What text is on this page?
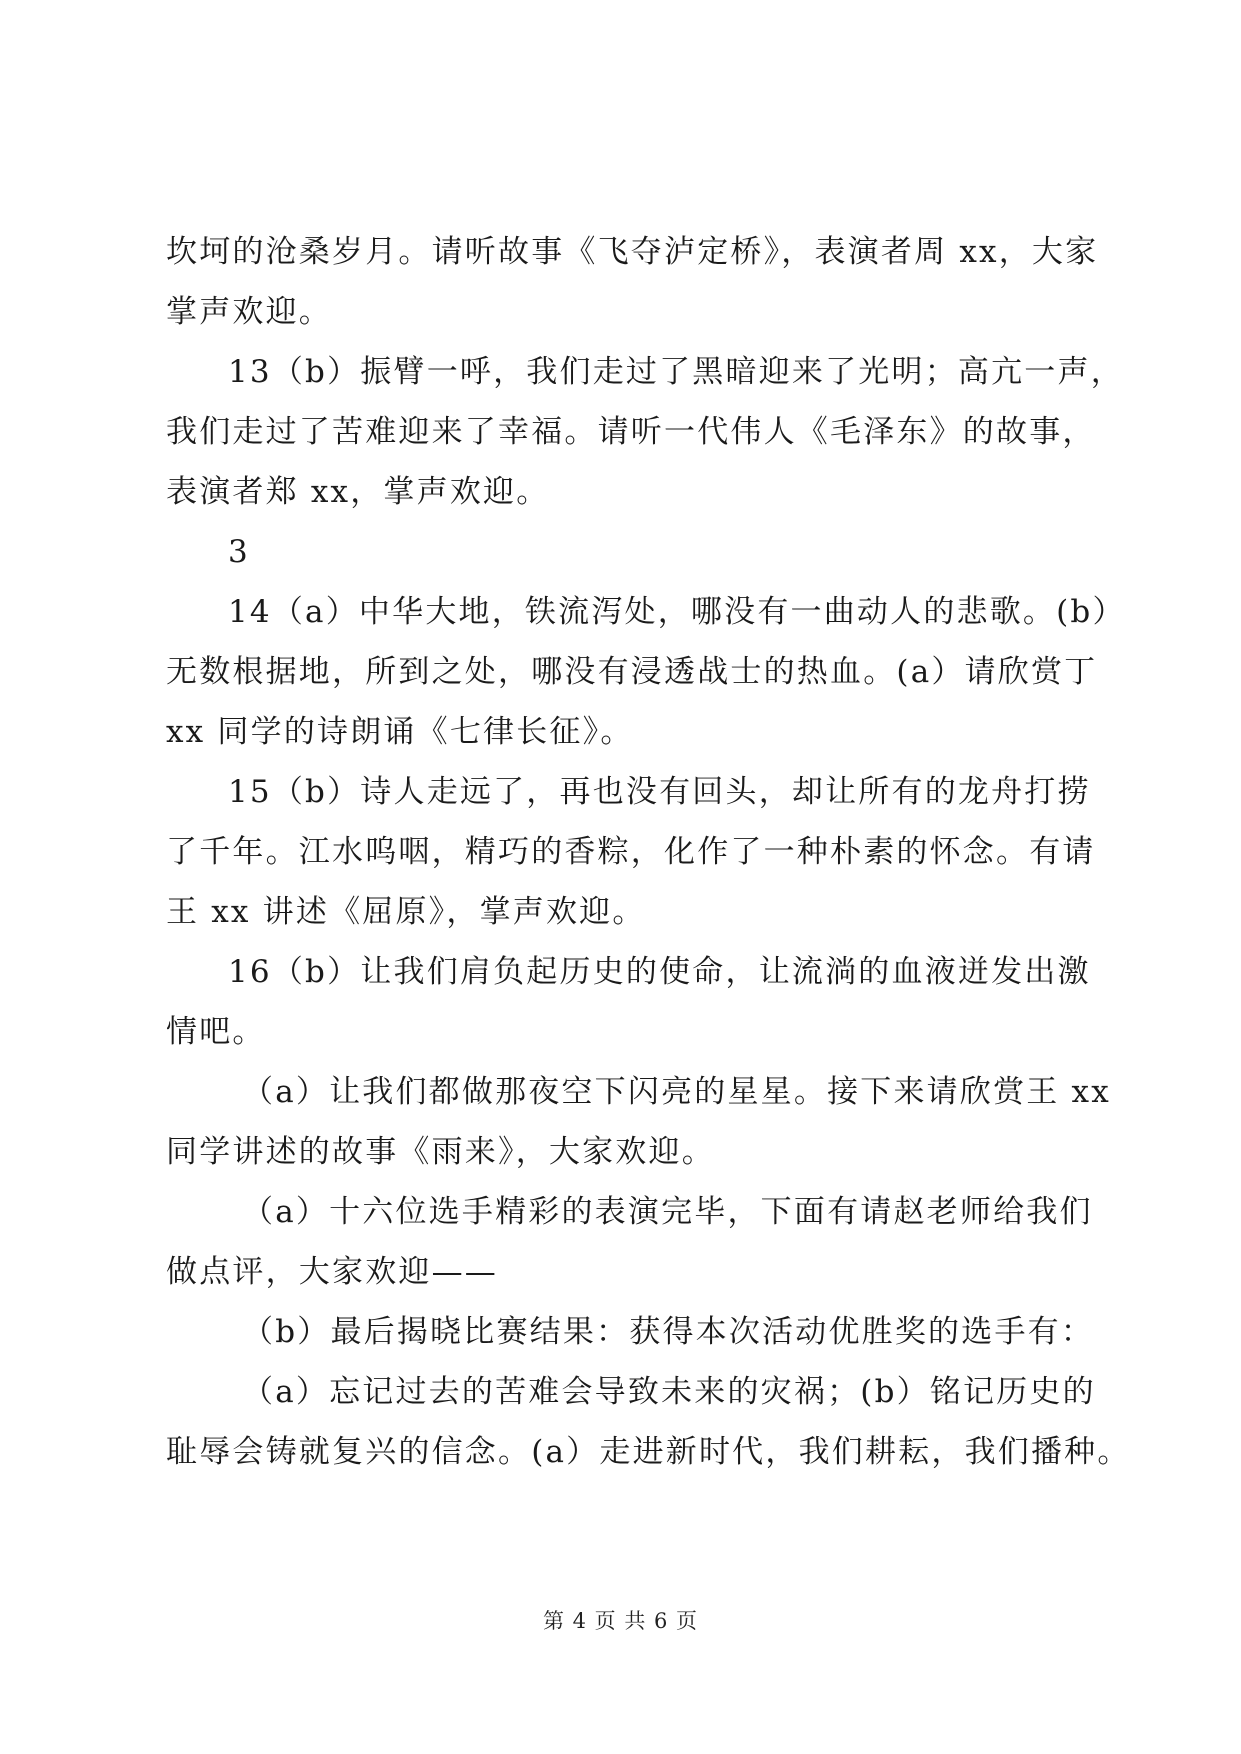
坎坷的沧桑岁月。请听故事《飞夺泸定桥》，表演者周 xx，大家
掌声欢迎。
13（b）振臂一呼，我们走过了黑暗迎来了光明；高亢一声，
我们走过了苦难迎来了幸福。请听一代伟人《毛泽东》的故事，
表演者郑 xx，掌声欢迎。
3
14（a）中华大地，铁流泻处，哪没有一曲动人的悲歌。(b）
无数根据地，所到之处，哪没有浸透战士的热血。(a）请欣赏丁
xx 同学的诗朗诵《七律长征》。
15（b）诗人走远了，再也没有回头，却让所有的龙舟打捞
了千年。江水呜咽，精巧的香粽，化作了一种朴素的怀念。有请
王 xx 讲述《屈原》，掌声欢迎。
16（b）让我们肩负起历史的使命，让流淌的血液迸发出激
情吧。
（a）让我们都做那夜空下闪亮的星星。接下来请欣赏王 xx
同学讲述的故事《雨来》，大家欢迎。
（a）十六位选手精彩的表演完毕，下面有请赵老师给我们
做点评，大家欢迎——
（b）最后揭晓比赛结果：获得本次活动优胜奖的选手有：
（a）忘记过去的苦难会导致未来的灾祸；(b）铭记历史的
耻辱会铸就复兴的信念。(a）走进新时代，我们耕耘，我们播种。
第 4 页 共 6 页
